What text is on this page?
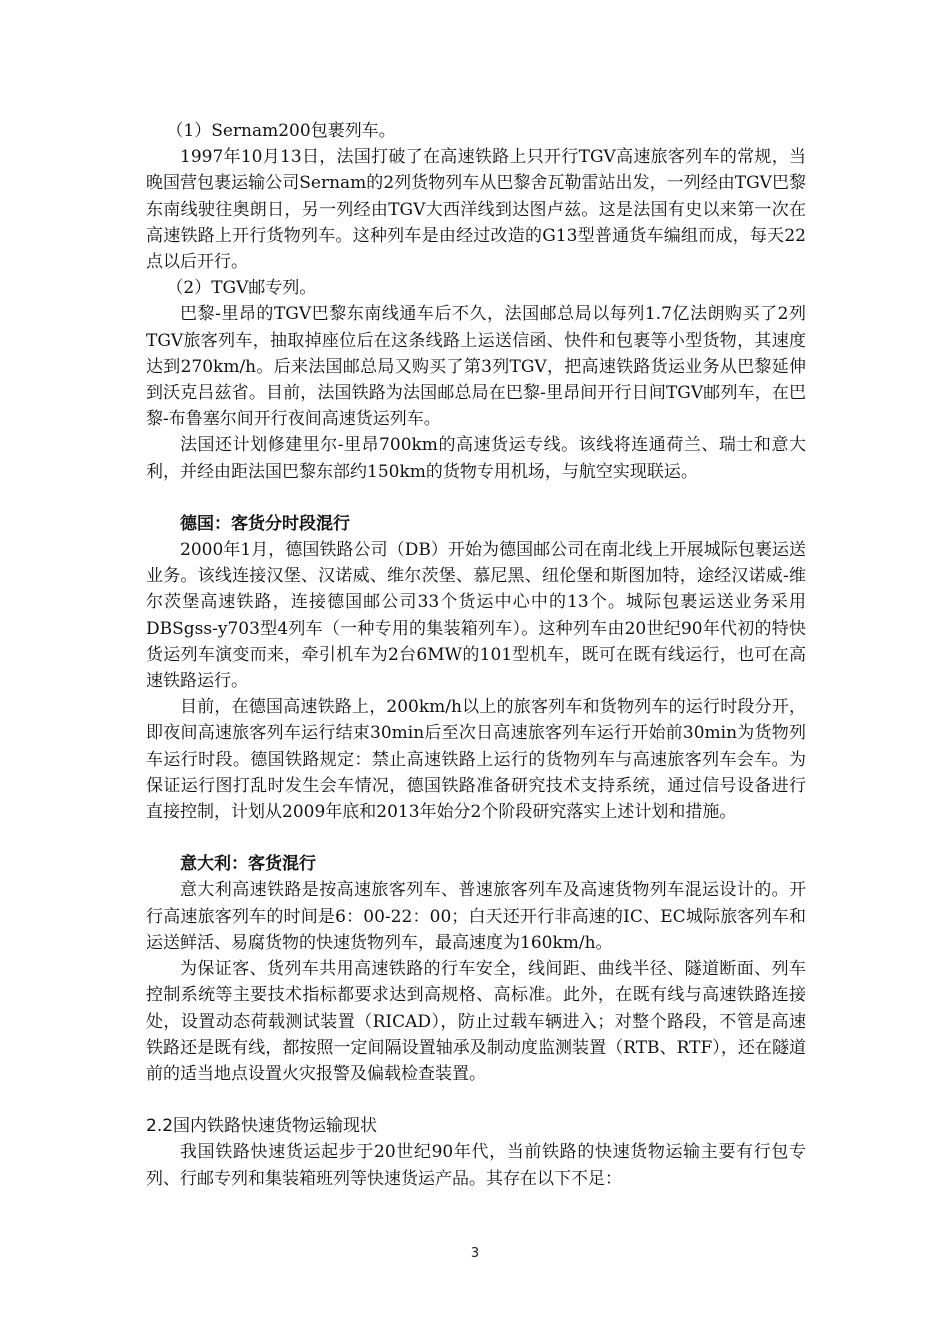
（1）Sernam200包裹列车。

1997年10月13日，法国打破了在高速铁路上只开行TGV高速旅客列车的常规，当晚国营包裹运输公司Sernam的2列货物列车从巴黎舍瓦勒雷站出发，一列经由TGV巴黎东南线驶往奥朗日，另一列经由TGV大西洋线到达图卢兹。这是法国有史以来第一次在高速铁路上开行货物列车。这种列车是由经过改造的G13型普通货车编组而成，每天22点以后开行。

（2）TGV邮专列。

巴黎-里昂的TGV巴黎东南线通车后不久，法国邮总局以每列1.7亿法朗购买了2列TGV旅客列车，抽取掉座位后在这条线路上运送信函、快件和包裹等小型货物，其速度达到270km/h。后来法国邮总局又购买了第3列TGV，把高速铁路货运业务从巴黎延伸到沃克吕兹省。目前，法国铁路为法国邮总局在巴黎-里昂间开行日间TGV邮列车，在巴黎-布鲁塞尔间开行夜间高速货运列车。

法国还计划修建里尔-里昂700km的高速货运专线。该线将连通荷兰、瑞士和意大利，并经由距法国巴黎东部约150km的货物专用机场，与航空实现联运。

德国：客货分时段混行

2000年1月，德国铁路公司（DB）开始为德国邮公司在南北线上开展城际包裹运送业务。该线连接汉堡、汉诺威、维尔茨堡、慕尼黑、纽伦堡和斯图加特，途经汉诺威-维尔茨堡高速铁路，连接德国邮公司33个货运中心中的13个。城际包裹运送业务采用DBSgss-y703型4列车（一种专用的集装箱列车）。这种列车由20世纪90年代初的特快货运列车演变而来，牵引机车为2台6MW的101型机车，既可在既有线运行，也可在高速铁路运行。

目前，在德国高速铁路上，200km/h以上的旅客列车和货物列车的运行时段分开，即夜间高速旅客列车运行结束30min后至次日高速旅客列车运行开始前30min为货物列车运行时段。德国铁路规定：禁止高速铁路上运行的货物列车与高速旅客列车会车。为保证运行图打乱时发生会车情况，德国铁路准备研究技术支持系统，通过信号设备进行直接控制，计划从2009年底和2013年始分2个阶段研究落实上述计划和措施。

意大利：客货混行

意大利高速铁路是按高速旅客列车、普速旅客列车及高速货物列车混运设计的。开行高速旅客列车的时间是6：00-22：00；白天还开行非高速的IC、EC城际旅客列车和运送鲜活、易腐货物的快速货物列车，最高速度为160km/h。

为保证客、货列车共用高速铁路的行车安全，线间距、曲线半径、隧道断面、列车控制系统等主要技术指标都要求达到高规格、高标准。此外，在既有线与高速铁路连接处，设置动态荷载测试装置（RICAD），防止过载车辆进入；对整个路段，不管是高速铁路还是既有线，都按照一定间隔设置轴承及制动度监测装置（RTB、RTF），还在隧道前的适当地点设置火灾报警及偏载检查装置。

2.2国内铁路快速货物运输现状

我国铁路快速货运起步于20世纪90年代，当前铁路的快速货物运输主要有行包专列、行邮专列和集装箱班列等快速货运产品。其存在以下不足：

3
